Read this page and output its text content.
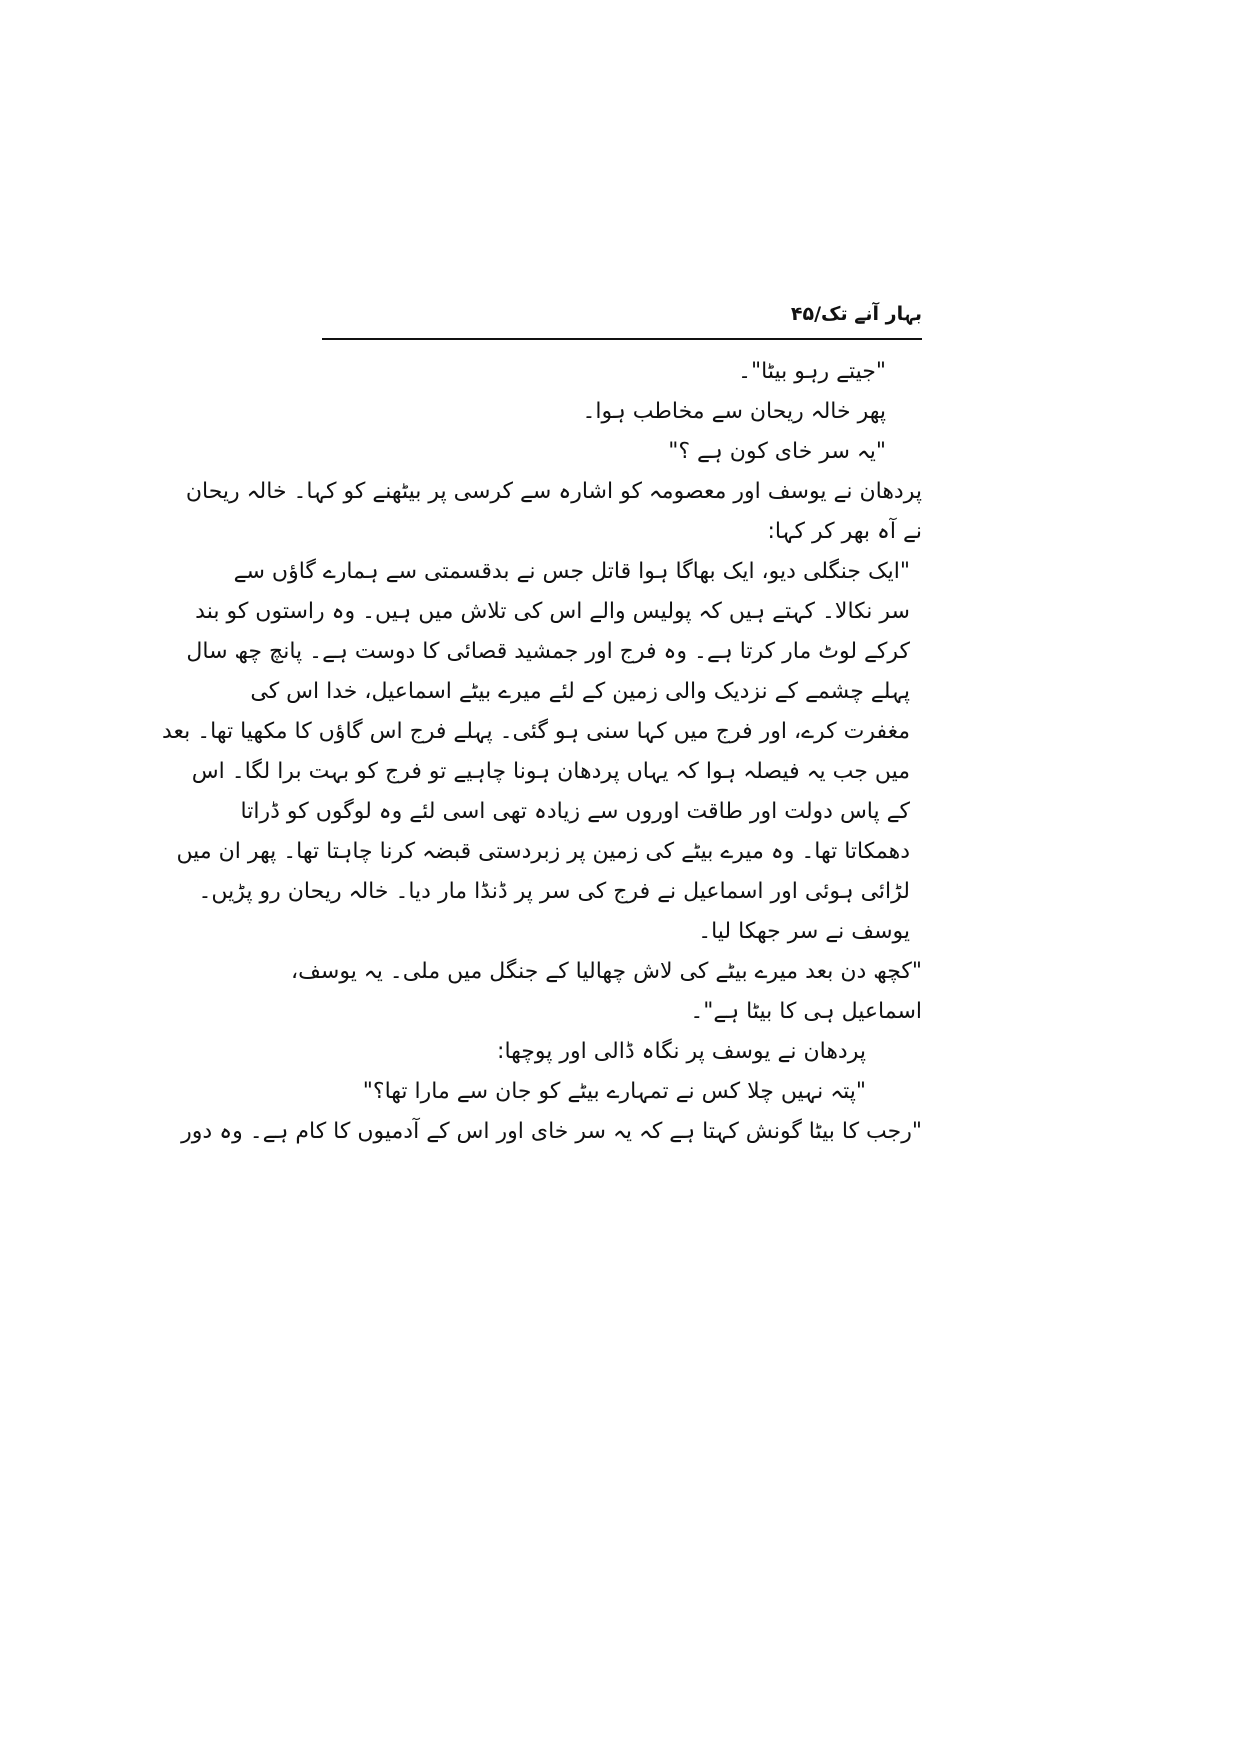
بہار آنے تک/۴۵
"جیتے رہو بیٹا"۔
پھر خالہ ریحان سے مخاطب ہوا۔
"یہ سر خای کون ہے ؟"
پردھان نے یوسف اور معصومہ کو اشارہ سے کرسی پر بیٹھنے کو کہا۔ خالہ ریحان
نے آہ بھر کر کہا:
"ایک جنگلی دیو، ایک بھاگا ہوا قاتل جس نے بدقسمتی سے ہمارے گاؤں سے
سر نکالا۔ کہتے ہیں کہ پولیس والے اس کی تلاش میں ہیں۔ وہ راستوں کو بند
کرکے لوٹ مار کرتا ہے۔ وہ فرج اور جمشید قصائی کا دوست ہے۔ پانچ چھ سال
پہلے چشمے کے نزدیک والی زمین کے لئے میرے بیٹے اسماعیل، خدا اس کی
مغفرت کرے، اور فرج میں کہا سنی ہو گئی۔ پہلے فرج اس گاؤں کا مکھیا تھا۔ بعد
میں جب یہ فیصلہ ہوا کہ یہاں پردھان ہونا چاہیے تو فرج کو بہت برا لگا۔ اس
کے پاس دولت اور طاقت اوروں سے زیادہ تھی اسی لئے وہ لوگوں کو ڈراتا
دھمکاتا تھا۔ وہ میرے بیٹے کی زمین پر زبردستی قبضہ کرنا چاہتا تھا۔ پھر ان میں
لڑائی ہوئی اور اسماعیل نے فرج کی سر پر ڈنڈا مار دیا۔ خالہ ریحان رو پڑیں۔
یوسف نے سر جھکا لیا۔
"کچھ دن بعد میرے بیٹے کی لاش چھالیا کے جنگل میں ملی۔ یہ یوسف،
اسماعیل ہی کا بیٹا ہے"۔
پردھان نے یوسف پر نگاہ ڈالی اور پوچھا:
"پتہ نہیں چلا کس نے تمہارے بیٹے کو جان سے مارا تھا؟"
"رجب کا بیٹا گونش کہتا ہے کہ یہ سر خای اور اس کے آدمیوں کا کام ہے۔ وہ دور
